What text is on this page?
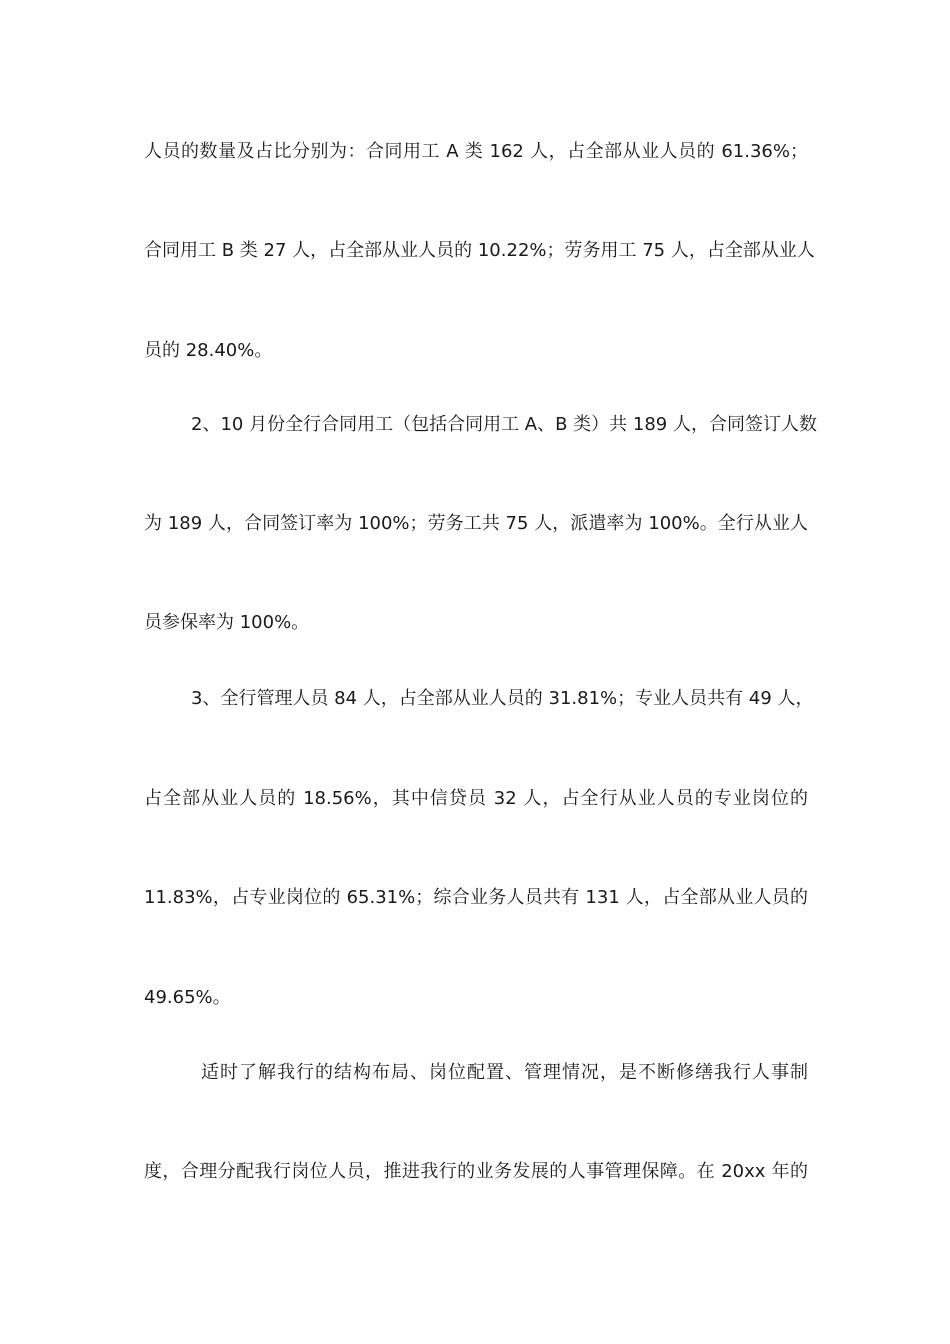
人员的数量及占比分别为：合同用工 A 类 162 人，占全部从业人员的 61.36%；
合同用工 B 类 27 人，占全部从业人员的 10.22%；劳务用工 75 人，占全部从业人
员的 28.40%。
2、10 月份全行合同用工（包括合同用工 A、B 类）共 189 人，合同签订人数
为 189 人，合同签订率为 100%；劳务工共 75 人，派遣率为 100%。全行从业人
员参保率为 100%。
3、全行管理人员 84 人，占全部从业人员的 31.81%；专业人员共有 49 人，
占全部从业人员的 18.56%，其中信贷员 32 人，占全行从业人员的专业岗位的
11.83%，占专业岗位的 65.31%；综合业务人员共有 131 人，占全部从业人员的
49.65%。
适时了解我行的结构布局、岗位配置、管理情况，是不断修缮我行人事制
度，合理分配我行岗位人员，推进我行的业务发展的人事管理保障。在 20xx 年的
